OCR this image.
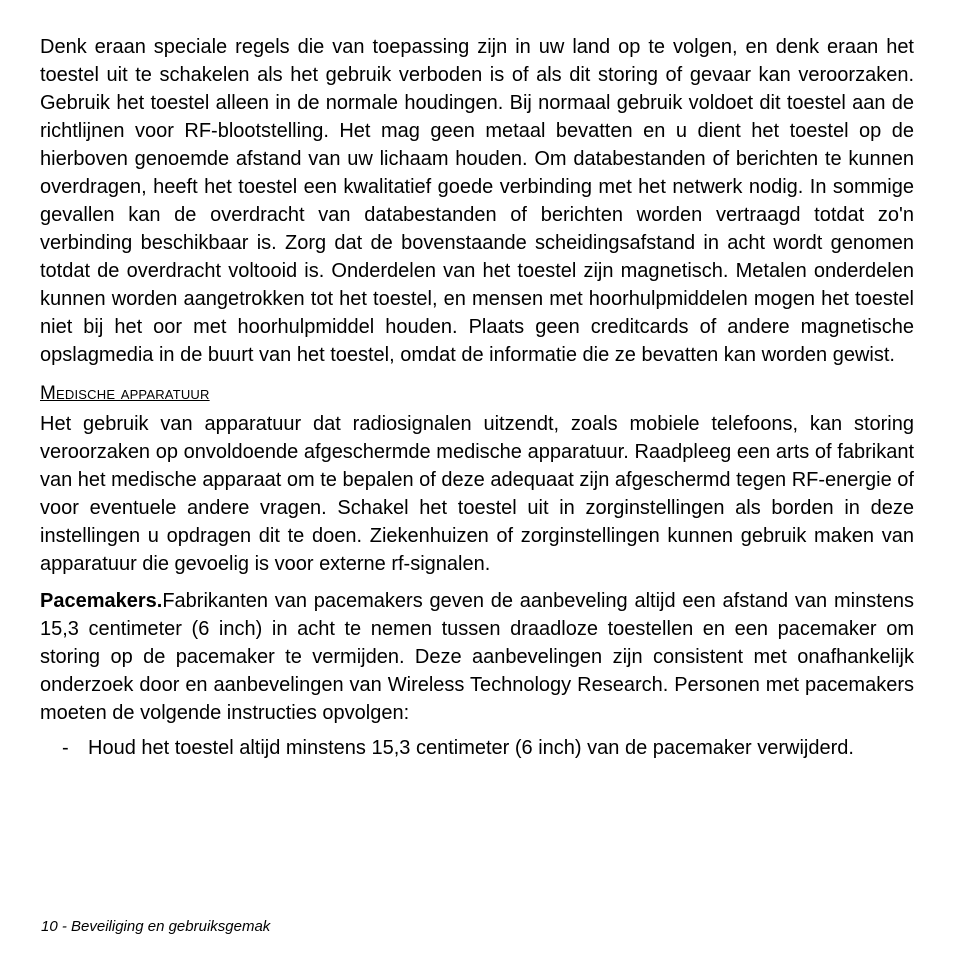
Denk eraan speciale regels die van toepassing zijn in uw land op te volgen, en denk eraan het toestel uit te schakelen als het gebruik verboden is of als dit storing of gevaar kan veroorzaken. Gebruik het toestel alleen in de normale houdingen. Bij normaal gebruik voldoet dit toestel aan de richtlijnen voor RF-blootstelling. Het mag geen metaal bevatten en u dient het toestel op de hierboven genoemde afstand van uw lichaam houden. Om databestanden of berichten te kunnen overdragen, heeft het toestel een kwalitatief goede verbinding met het netwerk nodig. In sommige gevallen kan de overdracht van databestanden of berichten worden vertraagd totdat zo'n verbinding beschikbaar is. Zorg dat de bovenstaande scheidingsafstand in acht wordt genomen totdat de overdracht voltooid is. Onderdelen van het toestel zijn magnetisch. Metalen onderdelen kunnen worden aangetrokken tot het toestel, en mensen met hoorhulpmiddelen mogen het toestel niet bij het oor met hoorhulpmiddel houden. Plaats geen creditcards of andere magnetische opslagmedia in de buurt van het toestel, omdat de informatie die ze bevatten kan worden gewist.

Medische apparatuur

Het gebruik van apparatuur dat radiosignalen uitzendt, zoals mobiele telefoons, kan storing veroorzaken op onvoldoende afgeschermde medische apparatuur. Raadpleeg een arts of fabrikant van het medische apparaat om te bepalen of deze adequaat zijn afgeschermd tegen RF-energie of voor eventuele andere vragen. Schakel het toestel uit in zorginstellingen als borden in deze instellingen u opdragen dit te doen. Ziekenhuizen of zorginstellingen kunnen gebruik maken van apparatuur die gevoelig is voor externe rf-signalen.

Pacemakers.Fabrikanten van pacemakers geven de aanbeveling altijd een afstand van minstens 15,3 centimeter (6 inch) in acht te nemen tussen draadloze toestellen en een pacemaker om storing op de pacemaker te vermijden. Deze aanbevelingen zijn consistent met onafhankelijk onderzoek door en aanbevelingen van Wireless Technology Research. Personen met pacemakers moeten de volgende instructies opvolgen:

- Houd het toestel altijd minstens 15,3 centimeter (6 inch) van de pacemaker verwijderd.

10 - Beveiliging en gebruiksgemak
